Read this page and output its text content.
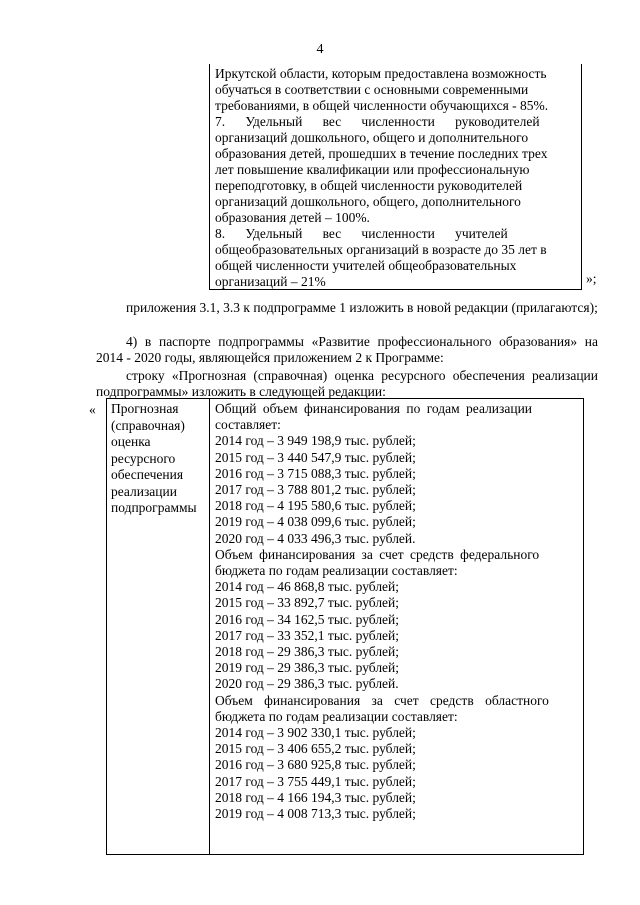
4
Иркутской области, которым предоставлена возможность
обучаться в соответствии с основными современными
требованиями, в общей численности обучающихся - 85%.
7.      Удельный      вес      численности      руководителей
организаций дошкольного, общего и дополнительного
образования детей, прошедших в течение последних трех
лет повышение квалификации или профессиональную
переподготовку, в общей численности руководителей
организаций дошкольного, общего, дополнительного
образования детей – 100%.
8.      Удельный      вес      численности      учителей
общеобразовательных организаций в возрасте до 35 лет в
общей численности учителей общеобразовательных
организаций – 21%	»;
приложения 3.1, 3.3 к подпрограмме 1 изложить в новой редакции (прилагаются);
4) в паспорте подпрограммы «Развитие профессионального образования» на 2014 - 2020 годы, являющейся приложением 2 к Программе:
строку «Прогнозная (справочная) оценка ресурсного обеспечения реализации подпрограммы» изложить в следующей редакции:
« Прогнозная
(справочная)
оценка
ресурсного
обеспечения
реализации
подпрограммы
Общий объем финансирования по годам реализации
составляет:
2014 год – 3 949 198,9 тыс. рублей;
2015 год – 3 440 547,9 тыс. рублей;
2016 год – 3 715 088,3 тыс. рублей;
2017 год – 3 788 801,2 тыс. рублей;
2018 год – 4 195 580,6 тыс. рублей;
2019 год – 4 038 099,6 тыс. рублей;
2020 год – 4 033 496,3 тыс. рублей.
Объем финансирования за счет средств федерального
бюджета по годам реализации составляет:
2014 год – 46 868,8 тыс. рублей;
2015 год – 33 892,7 тыс. рублей;
2016 год – 34 162,5 тыс. рублей;
2017 год – 33 352,1 тыс. рублей;
2018 год – 29 386,3 тыс. рублей;
2019 год – 29 386,3 тыс. рублей;
2020 год – 29 386,3 тыс. рублей.
Объем финансирования за счет средств областного
бюджета по годам реализации составляет:
2014 год – 3 902 330,1 тыс. рублей;
2015 год – 3 406 655,2 тыс. рублей;
2016 год – 3 680 925,8 тыс. рублей;
2017 год – 3 755 449,1 тыс. рублей;
2018 год – 4 166 194,3 тыс. рублей;
2019 год – 4 008 713,3 тыс. рублей;
